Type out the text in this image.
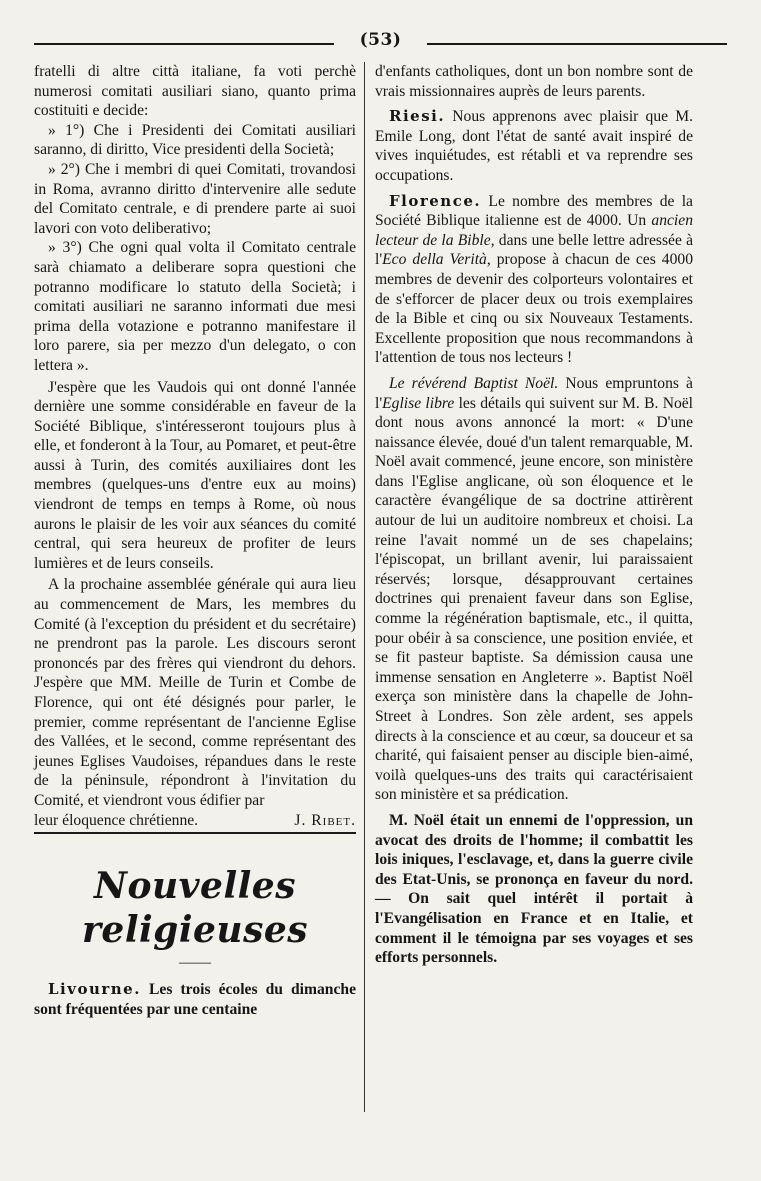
(53)

fratelli di altre città italiane, fa voti perchè numerosi comitati ausiliari siano, quanto prima costituiti e decide:

» 1°) Che i Presidenti dei Comitati ausiliari saranno, di diritto, Vice presidenti della Società;

» 2°) Che i membri di quei Comitati, trovandosi in Roma, avranno diritto d'intervenire alle sedute del Comitato centrale, e di prendere parte ai suoi lavori con voto deliberativo;

» 3°) Che ogni qual volta il Comitato centrale sarà chiamato a deliberare sopra questioni che potranno modificare lo statuto della Società; i comitati ausiliari ne saranno informati due mesi prima della votazione e potranno manifestare il loro parere, sia per mezzo d'un delegato, o con lettera ».

J'espère que les Vaudois qui ont donné l'année dernière une somme considérable en faveur de la Société Biblique, s'intéresseront toujours plus à elle, et fonderont à la Tour, au Pomaret, et peut-être aussi à Turin, des comités auxiliaires dont les membres (quelques-uns d'entre eux au moins) viendront de temps en temps à Rome, où nous aurons le plaisir de les voir aux séances du comité central, qui sera heureux de profiter de leurs lumières et de leurs conseils.

A la prochaine assemblée générale qui aura lieu au commencement de Mars, les membres du Comité (à l'exception du président et du secrétaire) ne prendront pas la parole. Les discours seront prononcés par des frères qui viendront du dehors. J'espère que MM. Meille de Turin et Combe de Florence, qui ont été désignés pour parler, le premier, comme représentant de l'ancienne Eglise des Vallées, et le second, comme représentant des jeunes Eglises Vaudoises, répandues dans le reste de la péninsule, répondront à l'invitation du Comité, et viendront vous édifier par

leur éloquence chrétienne.	J. Ribet.

Nouvelles religieuses
——

Livourne. Les trois écoles du dimanche sont fréquentées par une centaine

d'enfants catholiques, dont un bon nombre sont de vrais missionnaires auprès de leurs parents.

Riesi. Nous apprenons avec plaisir que M. Emile Long, dont l'état de santé avait inspiré de vives inquiétudes, est rétabli et va reprendre ses occupations.

Florence. Le nombre des membres de la Société Biblique italienne est de 4000. Un ancien lecteur de la Bible, dans une belle lettre adressée à l'Eco della Verità, propose à chacun de ces 4000 membres de devenir des colporteurs volontaires et de s'efforcer de placer deux ou trois exemplaires de la Bible et cinq ou six Nouveaux Testaments. Excellente proposition que nous recommandons à l'attention de tous nos lecteurs !

Le révérend Baptist Noël. Nous empruntons à l'Eglise libre les détails qui suivent sur M. B. Noël dont nous avons annoncé la mort: « D'une naissance élevée, doué d'un talent remarquable, M. Noël avait commencé, jeune encore, son ministère dans l'Eglise anglicane, où son éloquence et le caractère évangélique de sa doctrine attirèrent autour de lui un auditoire nombreux et choisi. La reine l'avait nommé un de ses chapelains; l'épiscopat, un brillant avenir, lui paraissaient réservés; lorsque, désapprouvant certaines doctrines qui prenaient faveur dans son Eglise, comme la régénération baptismale, etc., il quitta, pour obéir à sa conscience, une position enviée, et se fit pasteur baptiste. Sa démission causa une immense sensation en Angleterre ». Baptist Noël exerça son ministère dans la chapelle de John-Street à Londres. Son zèle ardent, ses appels directs à la conscience et au cœur, sa douceur et sa charité, qui faisaient penser au disciple bien-aimé, voilà quelques-uns des traits qui caractérisaient son ministère et sa prédication.

M. Noël était un ennemi de l'oppression, un avocat des droits de l'homme; il combattit les lois iniques, l'esclavage, et, dans la guerre civile des Etat-Unis, se prononça en faveur du nord. — On sait quel intérêt il portait à l'Evangélisation en France et en Italie, et comment il le témoigna par ses voyages et ses efforts personnels.
